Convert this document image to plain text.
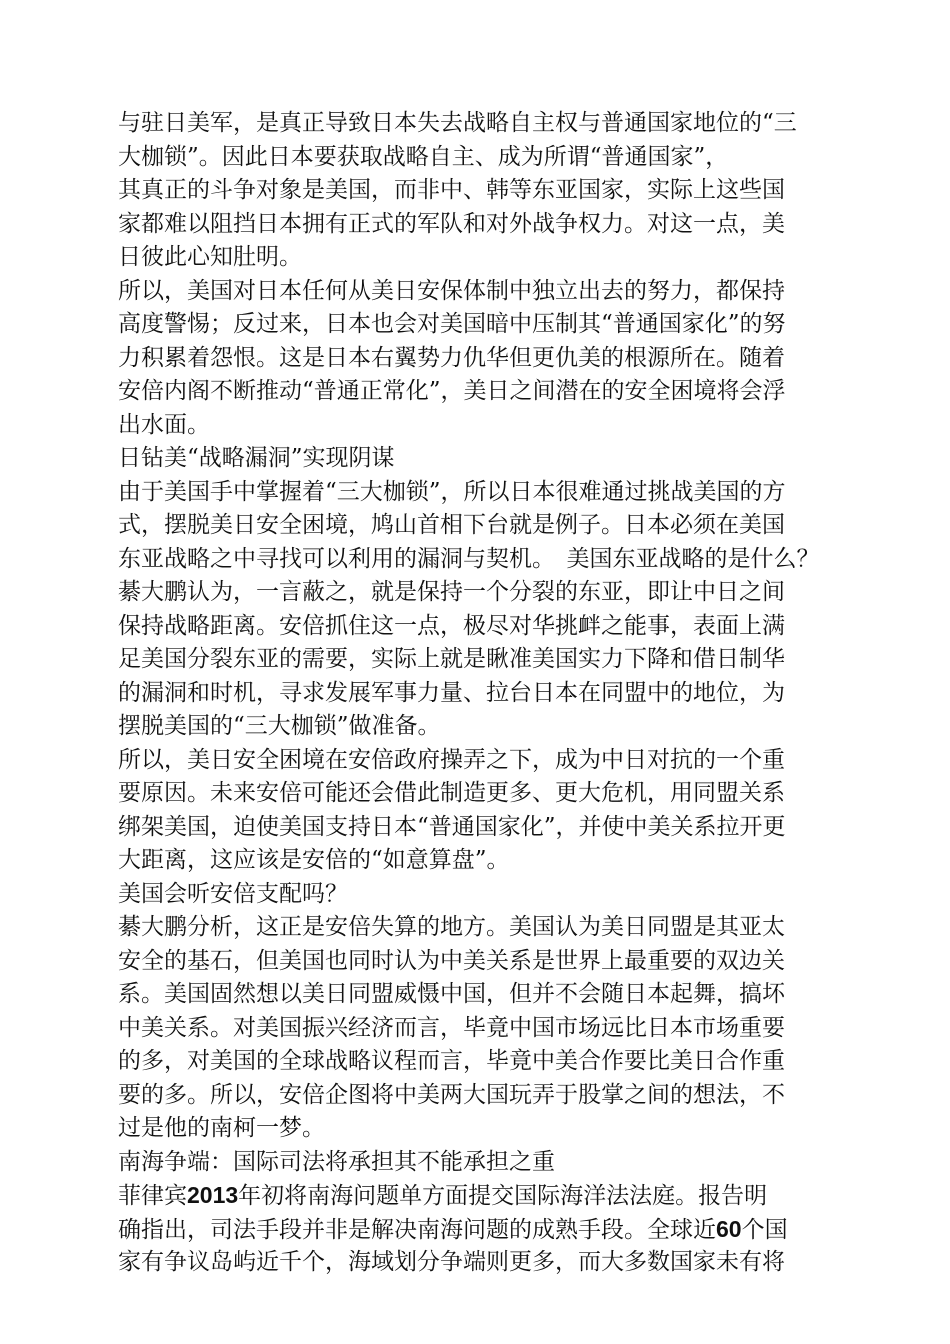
与驻日美军，是真正导致日本失去战略自主权与普通国家地位的“三
大枷锁”。因此日本要获取战略自主、成为所谓“普通国家”，
其真正的斗争对象是美国，而非中、韩等东亚国家，实际上这些国
家都难以阻挡日本拥有正式的军队和对外战争权力。对这一点，美
日彼此心知肚明。
所以，美国对日本任何从美日安保体制中独立出去的努力，都保持
高度警惕；反过来，日本也会对美国暗中压制其“普通国家化”的努
力积累着怨恨。这是日本右翼势力仇华但更仇美的根源所在。随着
安倍内阁不断推动“普通正常化”，美日之间潜在的安全困境将会浮
出水面。
日钻美“战略漏洞”实现阴谋
由于美国手中掌握着“三大枷锁”，所以日本很难通过挑战美国的方
式，摆脱美日安全困境，鸠山首相下台就是例子。日本必须在美国
东亚战略之中寻找可以利用的漏洞与契机。　美国东亚战略的是什么？
綦大鹏认为，一言蔽之，就是保持一个分裂的东亚，即让中日之间
保持战略距离。安倍抓住这一点，极尽对华挑衅之能事，表面上满
足美国分裂东亚的需要，实际上就是瞅准美国实力下降和借日制华
的漏洞和时机，寻求发展军事力量、拉台日本在同盟中的地位，为
摆脱美国的“三大枷锁”做准备。
所以，美日安全困境在安倍政府操弄之下，成为中日对抗的一个重
要原因。未来安倍可能还会借此制造更多、更大危机，用同盟关系
绑架美国，迫使美国支持日本“普通国家化”，并使中美关系拉开更
大距离，这应该是安倍的“如意算盘”。
美国会听安倍支配吗？
綦大鹏分析，这正是安倍失算的地方。美国认为美日同盟是其亚太
安全的基石，但美国也同时认为中美关系是世界上最重要的双边关
系。美国固然想以美日同盟威慑中国，但并不会随日本起舞，搞坏
中美关系。对美国振兴经济而言，毕竟中国市场远比日本市场重要
的多，对美国的全球战略议程而言，毕竟中美合作要比美日合作重
要的多。所以，安倍企图将中美两大国玩弄于股掌之间的想法，不
过是他的南柯一梦。
南海争端：国际司法将承担其不能承担之重
菲律宾2013年初将南海问题单方面提交国际海洋法法庭。报告明
确指出，司法手段并非是解决南海问题的成熟手段。全球近60个国
家有争议岛屿近千个，海域划分争端则更多，而大多数国家未有将
